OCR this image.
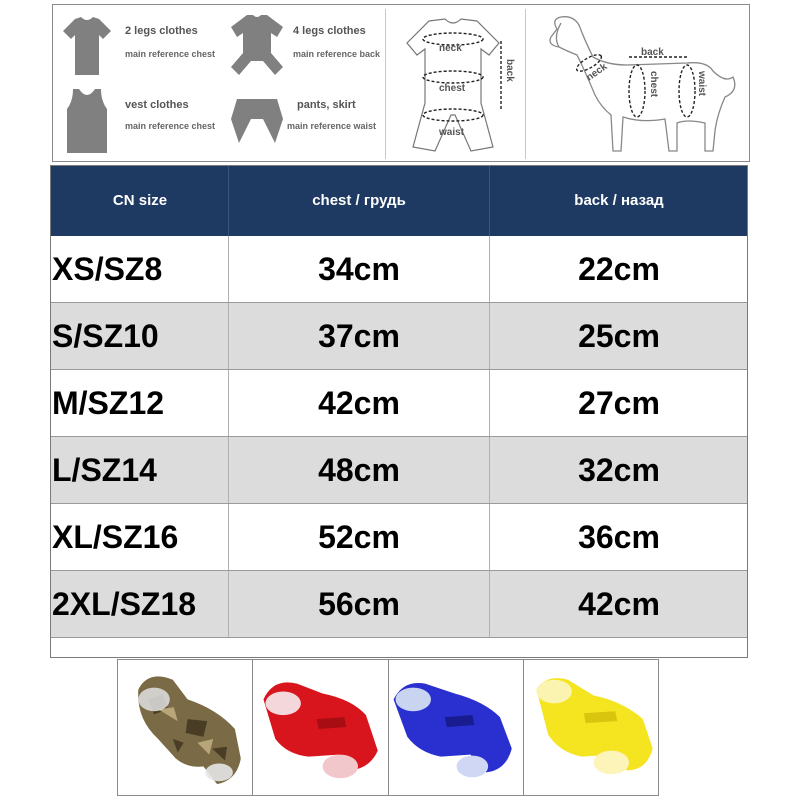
2 legs clothes
main reference chest
4 legs clothes
main reference back
vest clothes
main reference chest
pants, skirt
main reference waist
neck
chest
waist
back
back
neck	chest	waist
CN size	chest / грудь	back / назад
XS/SZ8	34cm	22cm
S/SZ10	37cm	25cm
M/SZ12	42cm	27cm
L/SZ14	48cm	32cm
XL/SZ16	52cm	36cm
2XL/SZ18	56cm	42cm
